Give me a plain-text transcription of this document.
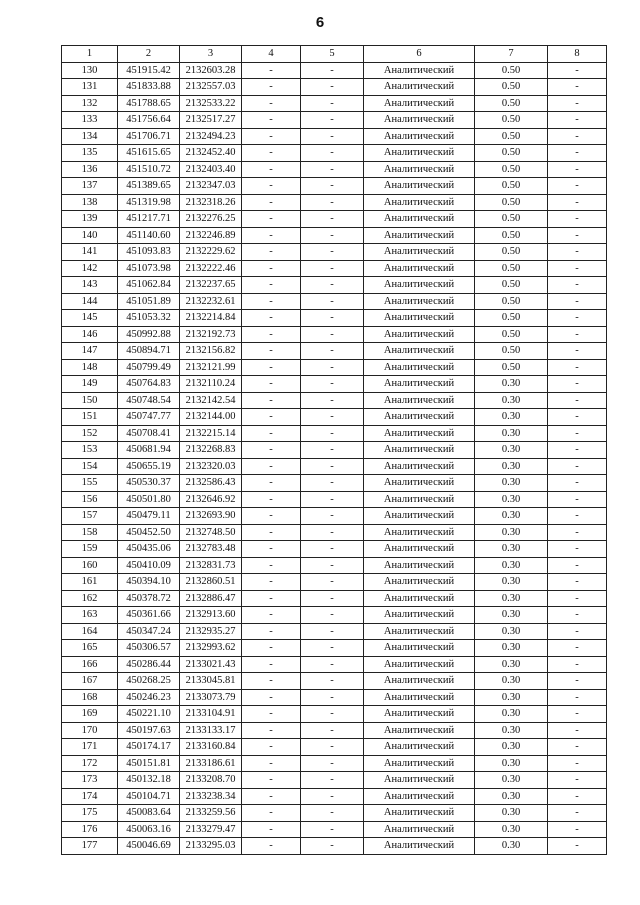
6
1	2	3	4	5	6	7	8
130	451915.42	2132603.28	-	-	Аналитический	0.50	-
131	451833.88	2132557.03	-	-	Аналитический	0.50	-
132	451788.65	2132533.22	-	-	Аналитический	0.50	-
133	451756.64	2132517.27	-	-	Аналитический	0.50	-
134	451706.71	2132494.23	-	-	Аналитический	0.50	-
135	451615.65	2132452.40	-	-	Аналитический	0.50	-
136	451510.72	2132403.40	-	-	Аналитический	0.50	-
137	451389.65	2132347.03	-	-	Аналитический	0.50	-
138	451319.98	2132318.26	-	-	Аналитический	0.50	-
139	451217.71	2132276.25	-	-	Аналитический	0.50	-
140	451140.60	2132246.89	-	-	Аналитический	0.50	-
141	451093.83	2132229.62	-	-	Аналитический	0.50	-
142	451073.98	2132222.46	-	-	Аналитический	0.50	-
143	451062.84	2132237.65	-	-	Аналитический	0.50	-
144	451051.89	2132232.61	-	-	Аналитический	0.50	-
145	451053.32	2132214.84	-	-	Аналитический	0.50	-
146	450992.88	2132192.73	-	-	Аналитический	0.50	-
147	450894.71	2132156.82	-	-	Аналитический	0.50	-
148	450799.49	2132121.99	-	-	Аналитический	0.50	-
149	450764.83	2132110.24	-	-	Аналитический	0.30	-
150	450748.54	2132142.54	-	-	Аналитический	0.30	-
151	450747.77	2132144.00	-	-	Аналитический	0.30	-
152	450708.41	2132215.14	-	-	Аналитический	0.30	-
153	450681.94	2132268.83	-	-	Аналитический	0.30	-
154	450655.19	2132320.03	-	-	Аналитический	0.30	-
155	450530.37	2132586.43	-	-	Аналитический	0.30	-
156	450501.80	2132646.92	-	-	Аналитический	0.30	-
157	450479.11	2132693.90	-	-	Аналитический	0.30	-
158	450452.50	2132748.50	-	-	Аналитический	0.30	-
159	450435.06	2132783.48	-	-	Аналитический	0.30	-
160	450410.09	2132831.73	-	-	Аналитический	0.30	-
161	450394.10	2132860.51	-	-	Аналитический	0.30	-
162	450378.72	2132886.47	-	-	Аналитический	0.30	-
163	450361.66	2132913.60	-	-	Аналитический	0.30	-
164	450347.24	2132935.27	-	-	Аналитический	0.30	-
165	450306.57	2132993.62	-	-	Аналитический	0.30	-
166	450286.44	2133021.43	-	-	Аналитический	0.30	-
167	450268.25	2133045.81	-	-	Аналитический	0.30	-
168	450246.23	2133073.79	-	-	Аналитический	0.30	-
169	450221.10	2133104.91	-	-	Аналитический	0.30	-
170	450197.63	2133133.17	-	-	Аналитический	0.30	-
171	450174.17	2133160.84	-	-	Аналитический	0.30	-
172	450151.81	2133186.61	-	-	Аналитический	0.30	-
173	450132.18	2133208.70	-	-	Аналитический	0.30	-
174	450104.71	2133238.34	-	-	Аналитический	0.30	-
175	450083.64	2133259.56	-	-	Аналитический	0.30	-
176	450063.16	2133279.47	-	-	Аналитический	0.30	-
177	450046.69	2133295.03	-	-	Аналитический	0.30	-
